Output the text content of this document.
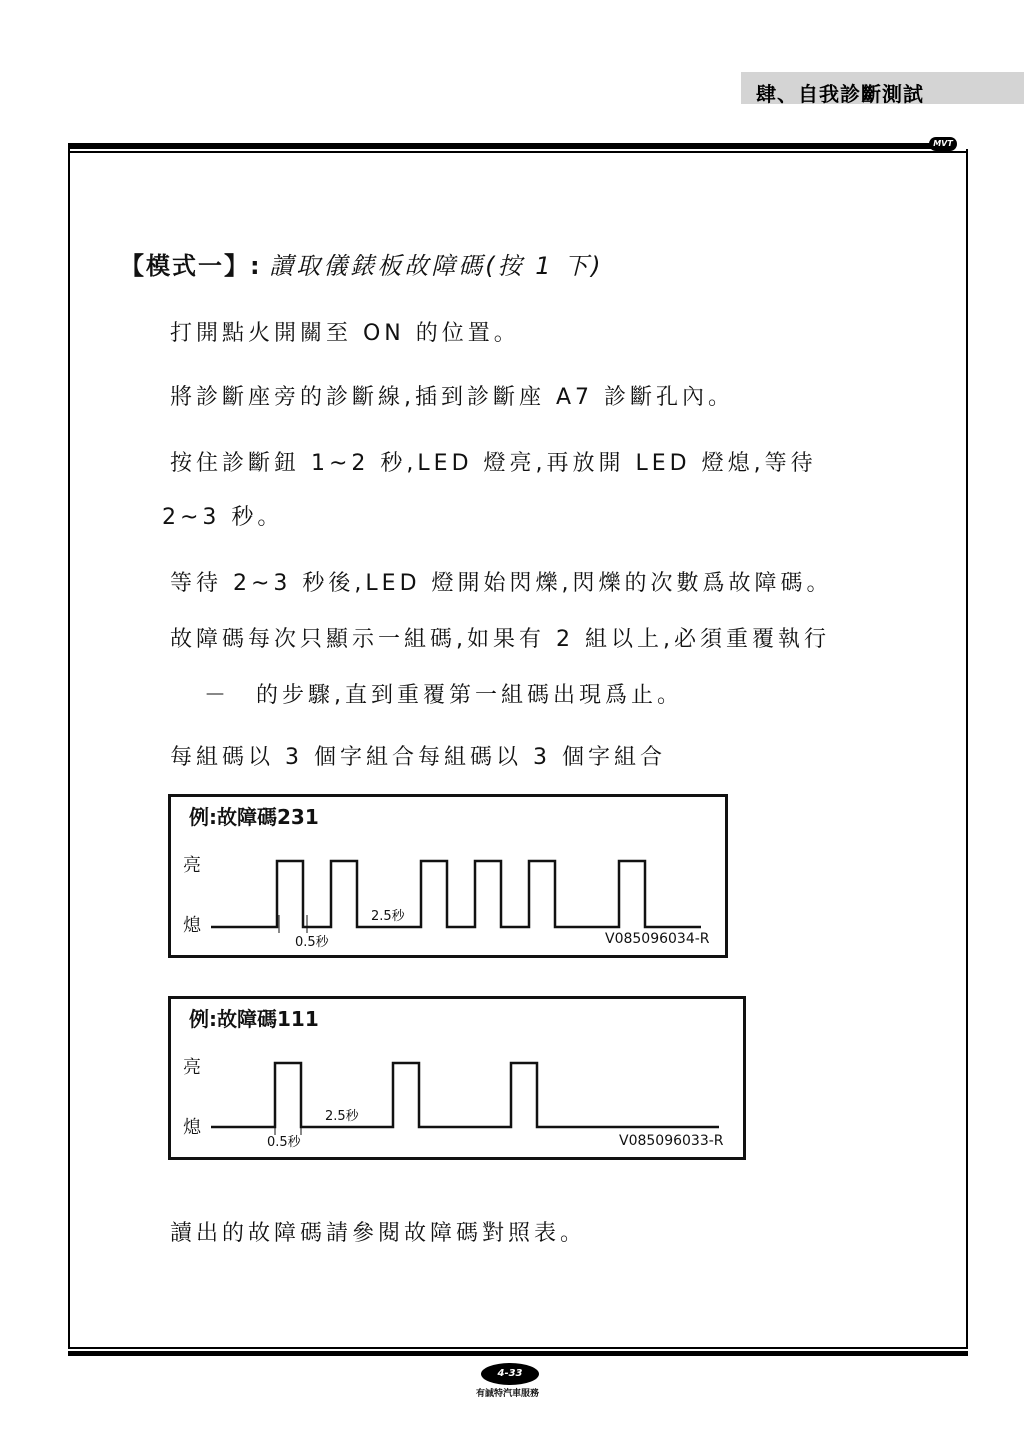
肆、自我診斷測試
MVT
【模式一】: 讀取儀錶板故障碼(按 1 下)
打開點火開關至 ON 的位置。
將診斷座旁的診斷線,插到診斷座 A7 診斷孔內。
按住診斷鈕 1~2 秒,LED 燈亮,再放開 LED 燈熄,等待
2~3 秒。
等待 2~3 秒後,LED 燈開始閃爍,閃爍的次數爲故障碼。
故障碼每次只顯示一組碼,如果有 2 組以上,必須重覆執行
－　的步驟,直到重覆第一組碼出現爲止。
每組碼以 3 個字組合每組碼以 3 個字組合
例:故障碼231
亮
熄
0.5秒
2.5秒
V085096034-R
例:故障碼111
亮
熄
0.5秒
2.5秒
V085096033-R
讀出的故障碼請參閱故障碼對照表。
4-33
有誠特汽車服務
